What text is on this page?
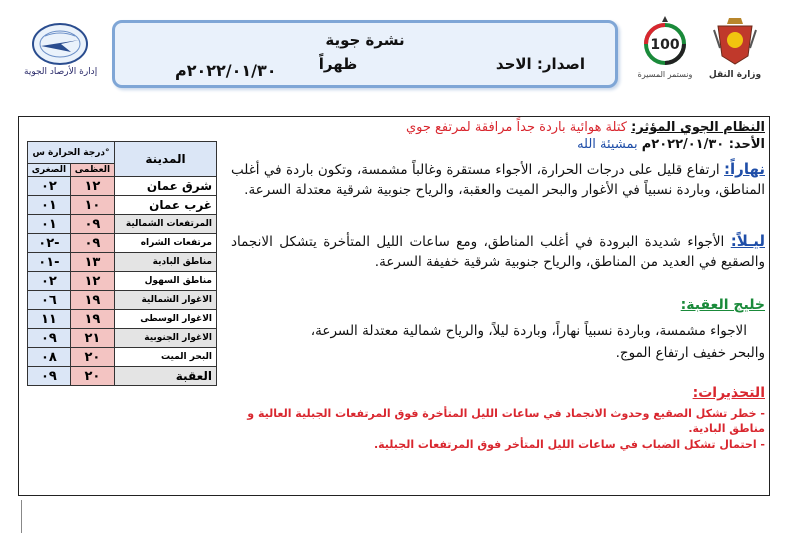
إدارة الأرصاد الجوية
نشرة جوية
اصدار: الاحد
ظهراً
٢٠٢٢/٠١/٣٠م
100
ونستمر المسيرة	وزارة النقل
درجة الحرارة س°		المدينة
الصغرى	العظمى	
٠٢	١٢	شرق عمان
٠١	١٠	غرب عمان
٠١	٠٩	المرتفعات الشمالية
٠٢-	٠٩	مرتفعات الشراه
٠١-	١٣	مناطق البادية
٠٢	١٢	مناطق السهول
٠٦	١٩	الاغوار الشمالية
١١	١٩	الاغوار الوسطى
٠٩	٢١	الاغوار الجنوبية
٠٨	٢٠	البحر الميت
٠٩	٢٠	العقبة
النظام الجوي المؤثر: كتلة هوائية باردة جداً مرافقة لمرتفع جوي
الأحد: ٢٠٢٢/٠١/٣٠م بمشيئة الله
نهاراً: ارتفاع قليل على درجات الحرارة، الأجواء مستقرة وغالباً مشمسة، وتكون باردة في أغلب المناطق، وباردة نسبياً في الأغوار والبحر الميت والعقبة، والرياح جنوبية شرقية معتدلة السرعة.
ليـلاً: الأجواء شديدة البرودة في أغلب المناطق، ومع ساعات الليل المتأخرة يتشكل الانجماد والصقيع في العديد من المناطق، والرياح جنوبية شرقية خفيفة السرعة.
خليج العقبة:
الاجواء مشمسة، وباردة نسبياً نهاراً، وباردة ليلاً، والرياح شمالية معتدلة السرعة،
والبحر خفيف ارتفاع الموج.
التحذيرات:
- خطر تشكل الصقيع وحدوث الانجماد في ساعات الليل المتأخرة فوق المرتفعات الجبلية العالية و مناطق البادية.
- احتمال تشكل الضباب في ساعات الليل المتأخر فوق المرتفعات الجبلية.
